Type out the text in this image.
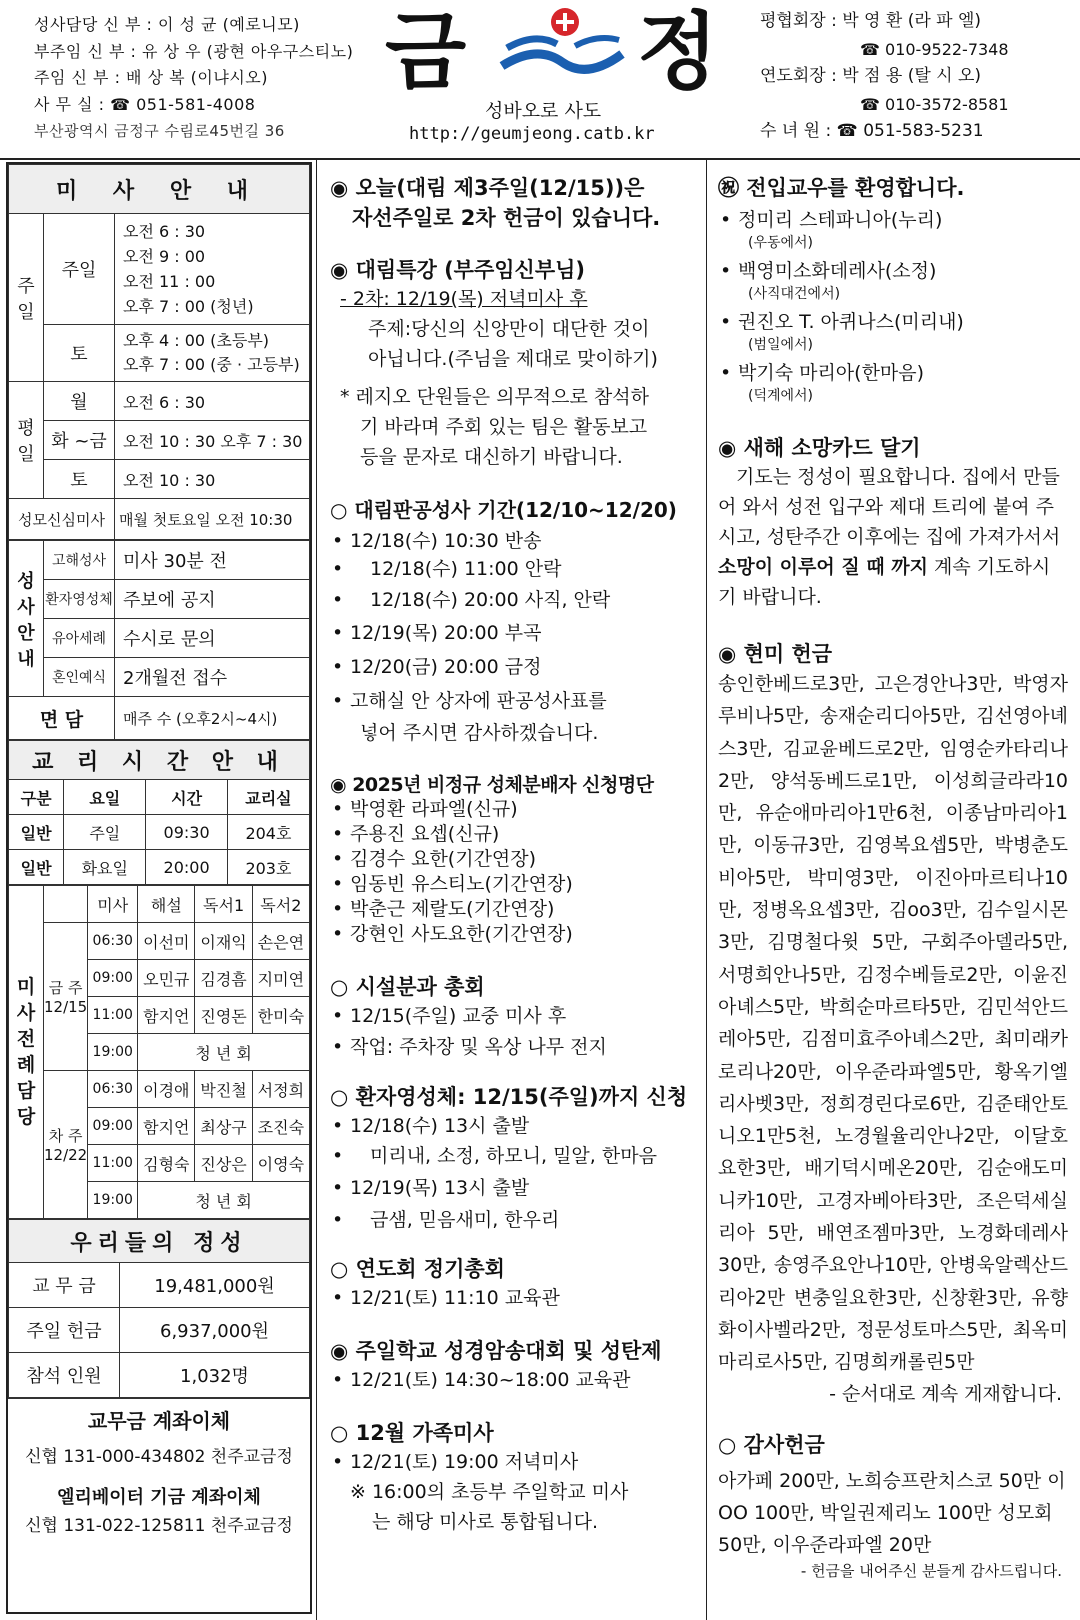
성사담당 신 부 : 이 성 균 (예로니모)
부주임 신 부 : 유 상 우 (광현 아우구스티노)
주임 신 부 : 배 상 복 (이냐시오)
사 무 실 : ☎ 051-581-4008
부산광역시 금정구 수림로45번길 36
금 정
성바오로 사도
http://geumjeong.catb.kr
평협회장 : 박 영 환 (라 파 엘)
☎ 010-9522-7348
연도회장 : 박 점 용 (탈 시 오)
☎ 010-3572-8581
수 녀 원 : ☎ 051-583-5231
미 사 안 내		
주 일	주일	오전 6 : 30
오전 9 : 00
오전 11 : 00
오후 7 : 00 (청년)

	토	오후 4 : 00 (초등부)
오후 7 : 00 (중 · 고등부)

평 일	월	오전 6 : 30
	화 ~금	오전 10 : 30 오후 7 : 30
	토	오전 10 : 30
성모신심미사		매월 첫토요일 오전 10:30
성 사 안 내	고해성사	미사 30분 전
	환자영성체	주보에 공지
	유아세례	수시로 문의
	혼인예식	2개월전 접수
면 담		매주 수 (오후2시~4시)
교 리 시 간 안 내			
구분	요일	시간	교리실
일반	주일	09:30	204호
일반	화요일	20:00	203호
미 사 전 례 담 당		미사	해설	독서1	독서2
	금 주 12/15	06:30	이선미	이재익	손은연
		09:00	오민규	김경흠	지미연
		11:00	함지언	진영돈	한미숙
		19:00	청 년 회		
	차 주 12/22	06:30	이경애	박진철	서정희
		09:00	함지언	최상구	조진숙
		11:00	김형숙	진상은	이영숙
		19:00	청 년 회		
우리들의 정성	
교 무 금	19,481,000원
주일 헌금	6,937,000원
참석 인원	1,032명
교무금 계좌이체
신협 131-000-434802 천주교금정
엘리베이터 기금 계좌이체
신협 131-022-125811 천주교금정
◉ 오늘(대림 제3주일(12/15))은
자선주일로 2차 헌금이 있습니다.
◉ 대림특강 (부주임신부님)
- 2차: 12/19(목) 저녁미사 후
주제:당신의 신앙만이 대단한 것이
아닙니다.(주님을 제대로 맞이하기)
* 레지오 단원들은 의무적으로 참석하
기 바라며 주회 있는 팀은 활동보고
등을 문자로 대신하기 바랍니다.
○ 대림판공성사 기간(12/10~12/20)
• 12/18(수) 10:30 반송
• 12/18(수) 11:00 안락
• 12/18(수) 20:00 사직, 안락
• 12/19(목) 20:00 부곡
• 12/20(금) 20:00 금정
• 고해실 안 상자에 판공성사표를
넣어 주시면 감사하겠습니다.
◉ 2025년 비정규 성체분배자 신청명단
• 박영환 라파엘(신규)
• 주용진 요셉(신규)
• 김경수 요한(기간연장)
• 임동빈 유스티노(기간연장)
• 박춘근 제랄도(기간연장)
• 강현인 사도요한(기간연장)
○ 시설분과 총회
• 12/15(주일) 교중 미사 후
• 작업: 주차장 및 옥상 나무 전지
○ 환자영성체: 12/15(주일)까지 신청
• 12/18(수) 13시 출발
• 미리내, 소정, 하모니, 밀알, 한마음
• 12/19(목) 13시 출발
• 금샘, 믿음새미, 한우리
○ 연도회 정기총회
• 12/21(토) 11:10 교육관
◉ 주일학교 성경암송대회 및 성탄제
• 12/21(토) 14:30~18:00 교육관
○ 12월 가족미사
• 12/21(토) 19:00 저녁미사
※ 16:00의 초등부 주일학교 미사
는 해당 미사로 통합됩니다.
㊗ 전입교우를 환영합니다.
• 정미리 스테파니아(누리)
(우동에서)
• 백영미소화데레사(소정)
(사직대건에서)
• 권진오 T. 아퀴나스(미리내)
(범일에서)
• 박기숙 마리아(한마음)
(덕계에서)
◉ 새해 소망카드 달기
기도는 정성이 필요합니다. 집에서 만들어 와서 성전 입구와 제대 트리에 붙여 주시고, 성탄주간 이후에는 집에 가져가서서 소망이 이루어 질 때 까지 계속 기도하시기 바랍니다.
◉ 현미 헌금
송인한베드로3만, 고은경안나3만, 박영자루비나5만, 송재순리디아5만, 김선영아녜스3만, 김교윤베드로2만, 임영순카타리나2만, 양석동베드로1만, 이성희글라라10만, 유순애마리아1만6천, 이종남마리아1만, 이동규3만, 김영복요셉5만, 박병춘도비아5만, 박미영3만, 이진아마르티나10만, 정병옥요셉3만, 김oo3만, 김수일시몬3만, 김명철다윗 5만, 구회주아델라5만, 서명희안나5만, 김정수베들로2만, 이윤진아녜스5만, 박희순마르타5만, 김민석안드레아5만, 김점미효주아녜스2만, 최미래카로리나20만, 이우준라파엘5만, 황옥기엘리사벳3만, 정희경린다로6만, 김준태안토니오1만5천, 노경월율리안나2만, 이달호요한3만, 배기덕시메온20만, 김순애도미니카10만, 고경자베아타3만, 조은덕세실리아 5만, 배연조젬마3만, 노경화데레사30만, 송영주요안나10만, 안병욱알렉산드리아2만 변충일요한3만, 신창환3만, 유향화이사벨라2만, 정문성토마스5만, 최옥미마리로사5만, 김명희캐롤린5만
- 순서대로 계속 게재합니다.
○ 감사헌금
아가페 200만, 노희승프란치스코 50만 이OO 100만, 박일권제리노 100만 성모회 50만, 이우준라파엘 20만
- 헌금을 내어주신 분들게 감사드립니다.
